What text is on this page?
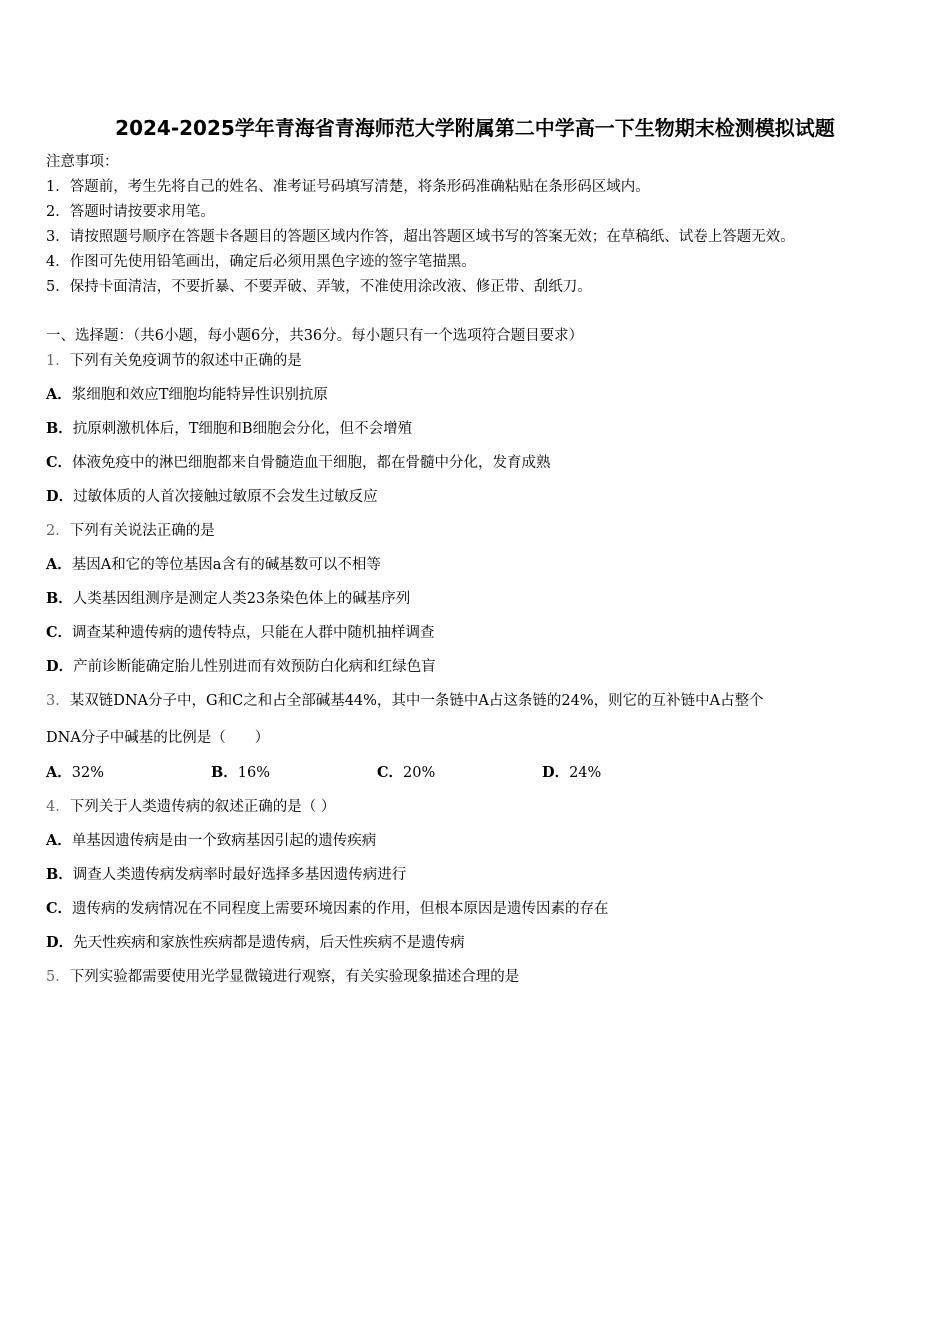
2024-2025学年青海省青海师范大学附属第二中学高一下生物期末检测模拟试题
注意事项：
1．答题前，考生先将自己的姓名、准考证号码填写清楚，将条形码准确粘贴在条形码区域内。
2．答题时请按要求用笔。
3．请按照题号顺序在答题卡各题目的答题区域内作答，超出答题区域书写的答案无效；在草稿纸、试卷上答题无效。
4．作图可先使用铅笔画出，确定后必须用黑色字迹的签字笔描黑。
5．保持卡面清洁，不要折暴、不要弄破、弄皱，不准使用涂改液、修正带、刮纸刀。
一、选择题：（共6小题，每小题6分，共36分。每小题只有一个选项符合题目要求）
1．下列有关免疫调节的叙述中正确的是
A．浆细胞和效应T细胞均能特异性识别抗原
B．抗原刺激机体后，T细胞和B细胞会分化，但不会增殖
C．体液免疫中的淋巴细胞都来自骨髓造血干细胞，都在骨髓中分化，发育成熟
D．过敏体质的人首次接触过敏原不会发生过敏反应
2．下列有关说法正确的是
A．基因A和它的等位基因a含有的碱基数可以不相等
B．人类基因组测序是测定人类23条染色体上的碱基序列
C．调查某种遗传病的遗传特点，只能在人群中随机抽样调查
D．产前诊断能确定胎儿性别进而有效预防白化病和红绿色盲
3．某双链DNA分子中，G和C之和占全部碱基44%，其中一条链中A占这条链的24%，则它的互补链中A占整个
DNA分子中碱基的比例是（　　）
A．32%	B．16%	C．20%	D．24%
4．下列关于人类遗传病的叙述正确的是（ ）
A．单基因遗传病是由一个致病基因引起的遗传疾病
B．调查人类遗传病发病率时最好选择多基因遗传病进行
C．遗传病的发病情况在不同程度上需要环境因素的作用，但根本原因是遗传因素的存在
D．先天性疾病和家族性疾病都是遗传病，后天性疾病不是遗传病
5．下列实验都需要使用光学显微镜进行观察，有关实验现象描述合理的是
